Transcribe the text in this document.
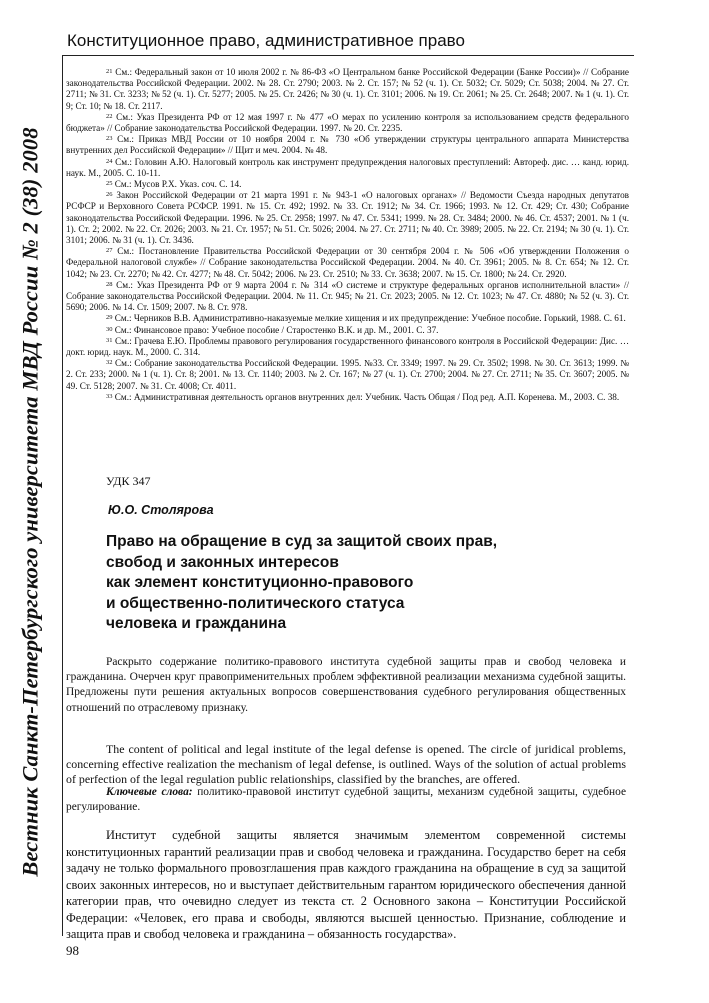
Вестник Санкт-Петербургского университета МВД России № 2 (38) 2008
Конституционное право, административное право

$^{21}$ См.: Федеральный закон от 10 июля 2002 г. № 86-ФЗ «О Центральном банке Российской Федерации (Банке России)» // Собрание законодательства Российской Федерации. 2002. № 28. Ст. 2790; 2003. № 2. Ст. 157; № 52 (ч. 1). Ст. 5032; Ст. 5029; Ст. 5038; 2004. № 27. Ст. 2711; № 31. Ст. 3233; № 52 (ч. 1). Ст. 5277; 2005. № 25. Ст. 2426; № 30 (ч. 1). Ст. 3101; 2006. № 19. Ст. 2061; № 25. Ст. 2648; 2007. № 1 (ч. 1). Ст. 9; Ст. 10; № 18. Ст. 2117.

$^{22}$ См.: Указ Президента РФ от 12 мая 1997 г. № 477 «О мерах по усилению контроля за использованием средств федерального бюджета» // Собрание законодательства Российской Федерации. 1997. № 20. Ст. 2235.

$^{23}$ См.: Приказ МВД России от 10 ноября 2004 г. № 730 «Об утверждении структуры центрального аппарата Министерства внутренних дел Российской Федерации» // Щит и меч. 2004. № 48.

$^{24}$ См.: Головин А.Ю. Налоговый контроль как инструмент предупреждения налоговых преступлений: Автореф. дис. … канд. юрид. наук. М., 2005. С. 10-11.

$^{25}$ См.: Мусов Р.Х. Указ. соч. С. 14.

$^{26}$ Закон Российской Федерации от 21 марта 1991 г. № 943-1 «О налоговых органах» // Ведомости Съезда народных депутатов РСФСР и Верховного Совета РСФСР. 1991. № 15. Ст. 492; 1992. № 33. Ст. 1912; № 34. Ст. 1966; 1993. № 12. Ст. 429; Ст. 430; Собрание законодательства Российской Федерации. 1996. № 25. Ст. 2958; 1997. № 47. Ст. 5341; 1999. № 28. Ст. 3484; 2000. № 46. Ст. 4537; 2001. № 1 (ч. 1). Ст. 2; 2002. № 22. Ст. 2026; 2003. № 21. Ст. 1957; № 51. Ст. 5026; 2004. № 27. Ст. 2711; № 40. Ст. 3989; 2005. № 22. Ст. 2194; № 30 (ч. 1). Ст. 3101; 2006. № 31 (ч. 1). Ст. 3436.

$^{27}$ См.: Постановление Правительства Российской Федерации от 30 сентября 2004 г. № 506 «Об утверждении Положения о Федеральной налоговой службе» // Собрание законодательства Российской Федерации. 2004. № 40. Ст. 3961; 2005. № 8. Ст. 654; № 12. Ст. 1042; № 23. Ст. 2270; № 42. Ст. 4277; № 48. Ст. 5042; 2006. № 23. Ст. 2510; № 33. Ст. 3638; 2007. № 15. Ст. 1800; № 24. Ст. 2920.

$^{28}$ См.: Указ Президента РФ от 9 марта 2004 г. № 314 «О системе и структуре федеральных органов исполнительной власти» // Собрание законодательства Российской Федерации. 2004. № 11. Ст. 945; № 21. Ст. 2023; 2005. № 12. Ст. 1023; № 47. Ст. 4880; № 52 (ч. 3). Ст. 5690; 2006. № 14. Ст. 1509; 2007. № 8. Ст. 978.

$^{29}$ См.: Черников В.В. Административно-наказуемые мелкие хищения и их предупреждение: Учебное пособие. Горький, 1988. С. 61.

$^{30}$ См.: Финансовое право: Учебное пособие / Старостенко В.К. и др. М., 2001. С. 37.

$^{31}$ См.: Грачева Е.Ю. Проблемы правового регулирования государственного финансового контроля в Российской Федерации: Дис. … докт. юрид. наук. М., 2000. С. 314.

$^{32}$ См.: Собрание законодательства Российской Федерации. 1995. №33. Ст. 3349; 1997. № 29. Ст. 3502; 1998. № 30. Ст. 3613; 1999. № 2. Ст. 233; 2000. № 1 (ч. 1). Ст. 8; 2001. № 13. Ст. 1140; 2003. № 2. Ст. 167; № 27 (ч. 1). Ст. 2700; 2004. № 27. Ст. 2711; № 35. Ст. 3607; 2005. № 49. Ст. 5128; 2007. № 31. Ст. 4008; Ст. 4011.

$^{33}$ См.: Административная деятельность органов внутренних дел: Учебник. Часть Общая / Под ред. А.П. Коренева. М., 2003. С. 38.

УДК 347
Ю.О. Столярова
Право на обращение в суд за защитой своих прав,
свобод и законных интересов
как элемент конституционно-правового
и общественно-политического статуса
человека и гражданина

Раскрыто содержание политико-правового института судебной защиты прав и свобод человека и гражданина. Очерчен круг правоприменительных проблем эффективной реализации механизма судебной защиты. Предложены пути решения актуальных вопросов совершенствования судебного регулирования общественных отношений по отраслевому признаку.

The content of political and legal institute of the legal defense is opened. The circle of juridical problems, concerning effective realization the mechanism of legal defense, is outlined. Ways of the solution of actual problems of perfection of the legal regulation public relationships, classified by the branches, are offered.

Ключевые слова: политико-правовой институт судебной защиты, механизм судебной защиты, судебное регулирование.

Институт судебной защиты является значимым элементом современной системы конституционных гарантий реализации прав и свобод человека и гражданина. Государство берет на себя задачу не только формального провозглашения прав каждого гражданина на обращение в суд за защитой своих законных интересов, но и выступает действительным гарантом юридического обеспечения данной категории прав, что очевидно следует из текста ст. 2 Основного закона – Конституции Российской Федерации: «Человек, его права и свободы, являются высшей ценностью. Признание, соблюдение и защита прав и свобод человека и гражданина – обязанность государства».

98
